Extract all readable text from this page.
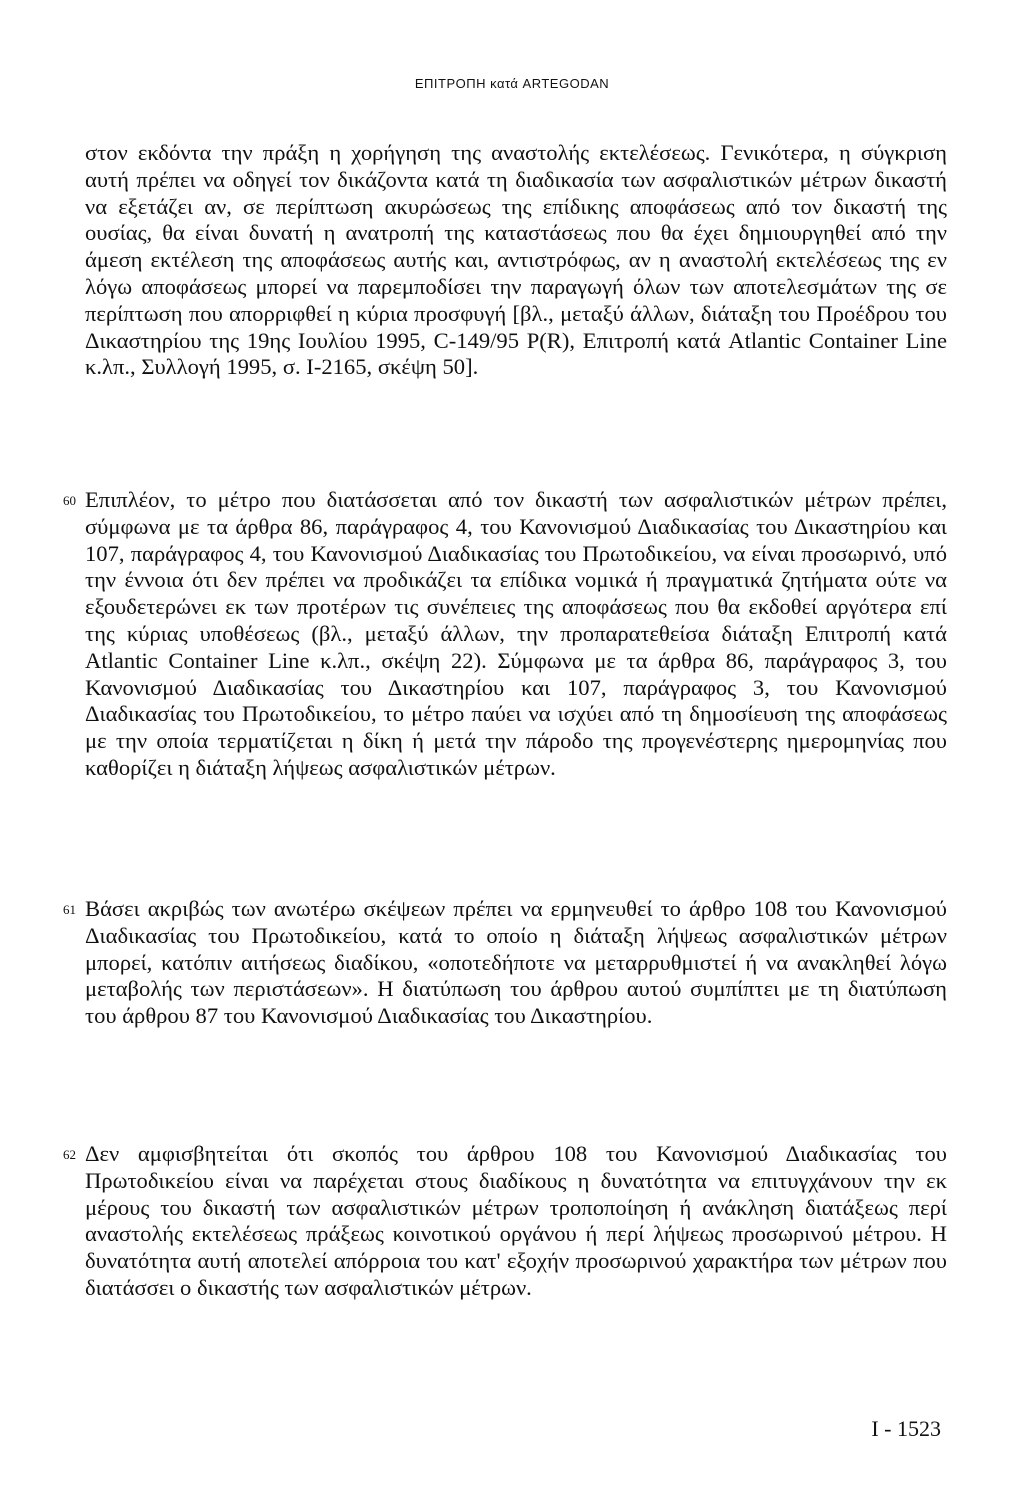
ΕΠΙΤΡΟΠΗ κατά ARTEGODAN
στον εκδόντα την πράξη η χορήγηση της αναστολής εκτελέσεως. Γενικότερα, η σύγκριση αυτή πρέπει να οδηγεί τον δικάζοντα κατά τη διαδικασία των ασφαλιστικών μέτρων δικαστή να εξετάζει αν, σε περίπτωση ακυρώσεως της επίδικης αποφάσεως από τον δικαστή της ουσίας, θα είναι δυνατή η ανατροπή της καταστάσεως που θα έχει δημιουργηθεί από την άμεση εκτέλεση της αποφάσεως αυτής και, αντιστρόφως, αν η αναστολή εκτελέσεως της εν λόγω αποφάσεως μπορεί να παρεμποδίσει την παραγωγή όλων των αποτελεσμάτων της σε περίπτωση που απορριφθεί η κύρια προσφυγή [βλ., μεταξύ άλλων, διάταξη του Προέδρου του Δικαστηρίου της 19ης Ιουλίου 1995, C-149/95 P(R), Επιτροπή κατά Atlantic Container Line κ.λπ., Συλλογή 1995, σ. I-2165, σκέψη 50].
60 Επιπλέον, το μέτρο που διατάσσεται από τον δικαστή των ασφαλιστικών μέτρων πρέπει, σύμφωνα με τα άρθρα 86, παράγραφος 4, του Κανονισμού Διαδικασίας του Δικαστηρίου και 107, παράγραφος 4, του Κανονισμού Διαδικασίας του Πρωτοδικείου, να είναι προσωρινό, υπό την έννοια ότι δεν πρέπει να προδικάζει τα επίδικα νομικά ή πραγματικά ζητήματα ούτε να εξουδετερώνει εκ των προτέρων τις συνέπειες της αποφάσεως που θα εκδοθεί αργότερα επί της κύριας υποθέσεως (βλ., μεταξύ άλλων, την προπαρατεθείσα διάταξη Επιτροπή κατά Atlantic Container Line κ.λπ., σκέψη 22). Σύμφωνα με τα άρθρα 86, παράγραφος 3, του Κανονισμού Διαδικασίας του Δικαστηρίου και 107, παράγραφος 3, του Κανονισμού Διαδικασίας του Πρωτοδικείου, το μέτρο παύει να ισχύει από τη δημοσίευση της αποφάσεως με την οποία τερματίζεται η δίκη ή μετά την πάροδο της προγενέστερης ημερομηνίας που καθορίζει η διάταξη λήψεως ασφαλιστικών μέτρων.
61 Βάσει ακριβώς των ανωτέρω σκέψεων πρέπει να ερμηνευθεί το άρθρο 108 του Κανονισμού Διαδικασίας του Πρωτοδικείου, κατά το οποίο η διάταξη λήψεως ασφαλιστικών μέτρων μπορεί, κατόπιν αιτήσεως διαδίκου, «οποτεδήποτε να μεταρρυθμιστεί ή να ανακληθεί λόγω μεταβολής των περιστάσεων». Η διατύπωση του άρθρου αυτού συμπίπτει με τη διατύπωση του άρθρου 87 του Κανονισμού Διαδικασίας του Δικαστηρίου.
62 Δεν αμφισβητείται ότι σκοπός του άρθρου 108 του Κανονισμού Διαδικασίας του Πρωτοδικείου είναι να παρέχεται στους διαδίκους η δυνατότητα να επιτυγχάνουν την εκ μέρους του δικαστή των ασφαλιστικών μέτρων τροποποίηση ή ανάκληση διατάξεως περί αναστολής εκτελέσεως πράξεως κοινοτικού οργάνου ή περί λήψεως προσωρινού μέτρου. Η δυνατότητα αυτή αποτελεί απόρροια του κατ' εξοχήν προσωρινού χαρακτήρα των μέτρων που διατάσσει ο δικαστής των ασφαλιστικών μέτρων.
I - 1523
